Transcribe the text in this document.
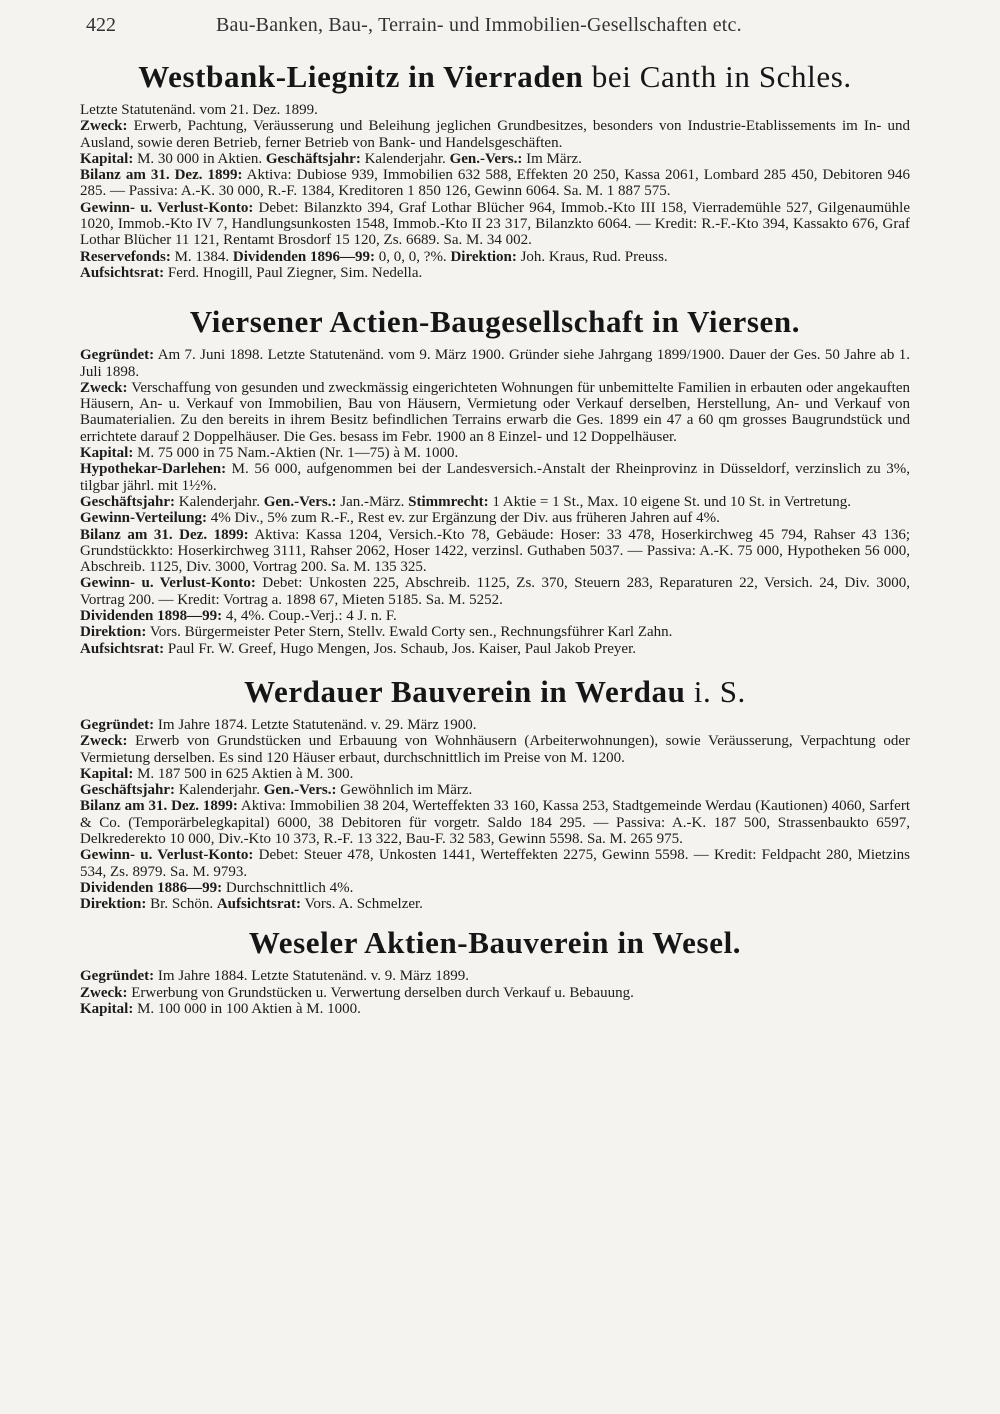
422	Bau-Banken, Bau-, Terrain- und Immobilien-Gesellschaften etc.
Westbank-Liegnitz in Vierraden bei Canth in Schles.

Letzte Statutenänd. vom 21. Dez. 1899.

Zweck: Erwerb, Pachtung, Veräusserung und Beleihung jeglichen Grundbesitzes, besonders von Industrie-Etablissements im In- und Ausland, sowie deren Betrieb, ferner Betrieb von Bank- und Handelsgeschäften.

Kapital: M. 30 000 in Aktien. Geschäftsjahr: Kalenderjahr. Gen.-Vers.: Im März.

Bilanz am 31. Dez. 1899: Aktiva: Dubiose 939, Immobilien 632 588, Effekten 20 250, Kassa 2061, Lombard 285 450, Debitoren 946 285. — Passiva: A.-K. 30 000, R.-F. 1384, Kreditoren 1 850 126, Gewinn 6064. Sa. M. 1 887 575.

Gewinn- u. Verlust-Konto: Debet: Bilanzkto 394, Graf Lothar Blücher 964, Immob.-Kto III 158, Vierrademühle 527, Gilgenaumühle 1020, Immob.-Kto IV 7, Handlungsunkosten 1548, Immob.-Kto II 23 317, Bilanzkto 6064. — Kredit: R.-F.-Kto 394, Kassakto 676, Graf Lothar Blücher 11 121, Rentamt Brosdorf 15 120, Zs. 6689. Sa. M. 34 002.

Reservefonds: M. 1384. Dividenden 1896—99: 0, 0, 0, ?%. Direktion: Joh. Kraus, Rud. Preuss.

Aufsichtsrat: Ferd. Hnogill, Paul Ziegner, Sim. Nedella.

Viersener Actien-Baugesellschaft in Viersen.

Gegründet: Am 7. Juni 1898. Letzte Statutenänd. vom 9. März 1900. Gründer siehe Jahrgang 1899/1900. Dauer der Ges. 50 Jahre ab 1. Juli 1898.

Zweck: Verschaffung von gesunden und zweckmässig eingerichteten Wohnungen für unbemittelte Familien in erbauten oder angekauften Häusern, An- u. Verkauf von Immobilien, Bau von Häusern, Vermietung oder Verkauf derselben, Herstellung, An- und Verkauf von Baumaterialien. Zu den bereits in ihrem Besitz befindlichen Terrains erwarb die Ges. 1899 ein 47 a 60 qm grosses Baugrundstück und errichtete darauf 2 Doppelhäuser. Die Ges. besass im Febr. 1900 an 8 Einzel- und 12 Doppelhäuser.

Kapital: M. 75 000 in 75 Nam.-Aktien (Nr. 1—75) à M. 1000.

Hypothekar-Darlehen: M. 56 000, aufgenommen bei der Landesversich.-Anstalt der Rheinprovinz in Düsseldorf, verzinslich zu 3%, tilgbar jährl. mit 1½%.

Geschäftsjahr: Kalenderjahr. Gen.-Vers.: Jan.-März. Stimmrecht: 1 Aktie = 1 St., Max. 10 eigene St. und 10 St. in Vertretung.

Gewinn-Verteilung: 4% Div., 5% zum R.-F., Rest ev. zur Ergänzung der Div. aus früheren Jahren auf 4%.

Bilanz am 31. Dez. 1899: Aktiva: Kassa 1204, Versich.-Kto 78, Gebäude: Hoser: 33 478, Hoserkirchweg 45 794, Rahser 43 136; Grundstückkto: Hoserkirchweg 3111, Rahser 2062, Hoser 1422, verzinsl. Guthaben 5037. — Passiva: A.-K. 75 000, Hypotheken 56 000, Abschreib. 1125, Div. 3000, Vortrag 200. Sa. M. 135 325.

Gewinn- u. Verlust-Konto: Debet: Unkosten 225, Abschreib. 1125, Zs. 370, Steuern 283, Reparaturen 22, Versich. 24, Div. 3000, Vortrag 200. — Kredit: Vortrag a. 1898 67, Mieten 5185. Sa. M. 5252.

Dividenden 1898—99: 4, 4%. Coup.-Verj.: 4 J. n. F.

Direktion: Vors. Bürgermeister Peter Stern, Stellv. Ewald Corty sen., Rechnungsführer Karl Zahn.

Aufsichtsrat: Paul Fr. W. Greef, Hugo Mengen, Jos. Schaub, Jos. Kaiser, Paul Jakob Preyer.

Werdauer Bauverein in Werdau i. S.

Gegründet: Im Jahre 1874. Letzte Statutenänd. v. 29. März 1900.

Zweck: Erwerb von Grundstücken und Erbauung von Wohnhäusern (Arbeiterwohnungen), sowie Veräusserung, Verpachtung oder Vermietung derselben. Es sind 120 Häuser erbaut, durchschnittlich im Preise von M. 1200.

Kapital: M. 187 500 in 625 Aktien à M. 300.

Geschäftsjahr: Kalenderjahr. Gen.-Vers.: Gewöhnlich im März.

Bilanz am 31. Dez. 1899: Aktiva: Immobilien 38 204, Werteffekten 33 160, Kassa 253, Stadtgemeinde Werdau (Kautionen) 4060, Sarfert & Co. (Temporärbelegkapital) 6000, 38 Debitoren für vorgetr. Saldo 184 295. — Passiva: A.-K. 187 500, Strassenbaukto 6597, Delkrederekto 10 000, Div.-Kto 10 373, R.-F. 13 322, Bau-F. 32 583, Gewinn 5598. Sa. M. 265 975.

Gewinn- u. Verlust-Konto: Debet: Steuer 478, Unkosten 1441, Werteffekten 2275, Gewinn 5598. — Kredit: Feldpacht 280, Mietzins 534, Zs. 8979. Sa. M. 9793.

Dividenden 1886—99: Durchschnittlich 4%.

Direktion: Br. Schön. Aufsichtsrat: Vors. A. Schmelzer.

Weseler Aktien-Bauverein in Wesel.

Gegründet: Im Jahre 1884. Letzte Statutenänd. v. 9. März 1899.

Zweck: Erwerbung von Grundstücken u. Verwertung derselben durch Verkauf u. Bebauung.

Kapital: M. 100 000 in 100 Aktien à M. 1000.
